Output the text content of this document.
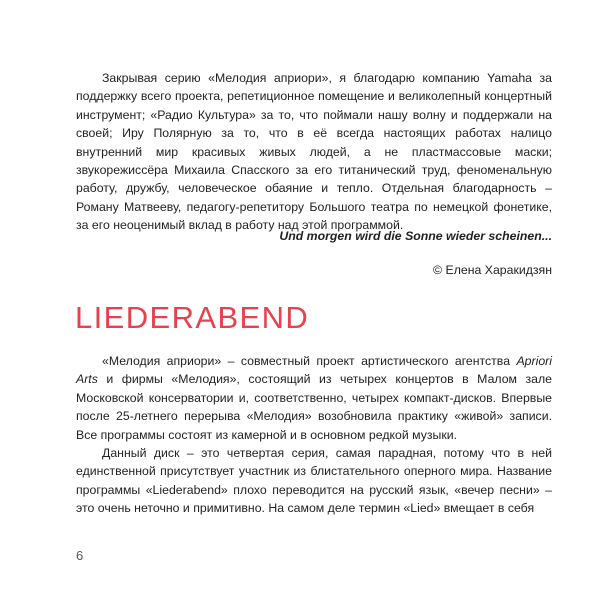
Закрывая серию «Мелодия априори», я благодарю компанию Yamaha за поддержку всего проекта, репетиционное помещение и великолепный концертный инструмент; «Радио Культура» за то, что поймали нашу волну и поддержали на своей; Иру Полярную за то, что в её всегда настоящих работах налицо внутренний мир красивых живых людей, а не пластмассовые маски; звукорежиссёра Михаила Спасского за его титанический труд, феноменальную работу, дружбу, человеческое обаяние и тепло. Отдельная благодарность – Роману Матвееву, педагогу-репетитору Большого театра по немецкой фонетике, за его неоценимый вклад в работу над этой программой.

Und morgen wird die Sonne wieder scheinen...
© Елена Харакидзян
LIEDERABEND

«Мелодия априори» – совместный проект артистического агентства Apriori Arts и фирмы «Мелодия», состоящий из четырех концертов в Малом зале Московской консерватории и, соответственно, четырех компакт-дисков. Впервые после 25-летнего перерыва «Мелодия» возобновила практику «живой» записи. Все программы состоят из камерной и в основном редкой музыки.

Данный диск – это четвертая серия, самая парадная, потому что в ней единственной присутствует участник из блистательного оперного мира. Название программы «Liederabend» плохо переводится на русский язык, «вечер песни» – это очень неточно и примитивно. На самом деле термин «Lied» вмещает в себя

6
